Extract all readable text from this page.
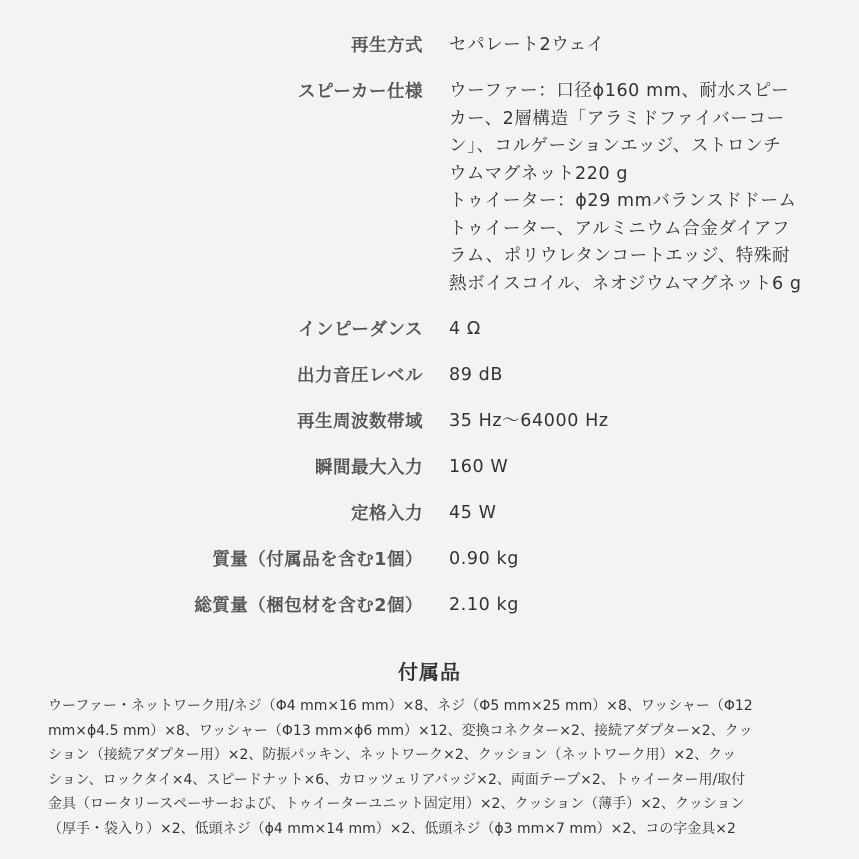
再生方式 セパレート2ウェイ
スピーカー仕様 ウーファー：口径ϕ160 mm、耐水スピー
カー、2層構造「アラミドファイバーコー
ン」、コルゲーションエッジ、ストロンチ
ウムマグネット220 g
トゥイーター：ϕ29 mmバランスドドーム
トゥイーター、アルミニウム合金ダイアフ
ラム、ポリウレタンコートエッジ、特殊耐
熱ボイスコイル、ネオジウムマグネット6 g
インピーダンス 4 Ω
出力音圧レベル 89 dB
再生周波数帯域 35 Hz～64000 Hz
瞬間最大入力 160 W
定格入力 45 W
質量（付属品を含む1個） 0.90 kg
総質量（梱包材を含む2個） 2.10 kg
付属品
ウーファー・ネットワーク用/ネジ（Φ4 mm×16 mm）×8、ネジ（Φ5 mm×25 mm）×8、ワッシャー（Φ12
mm×ϕ4.5 mm）×8、ワッシャー（Φ13 mm×ϕ6 mm）×12、変換コネクター×2、接続アダプター×2、クッ
ション（接続アダプター用）×2、防振パッキン、ネットワーク×2、クッション（ネットワーク用）×2、クッ
ション、ロックタイ×4、スピードナット×6、カロッツェリアバッジ×2、両面テープ×2、トゥイーター用/取付
金具（ロータリースペーサーおよび、トゥイーターユニット固定用）×2、クッション（薄手）×2、クッション
（厚手・袋入り）×2、低頭ネジ（ϕ4 mm×14 mm）×2、低頭ネジ（ϕ3 mm×7 mm）×2、コの字金具×2
